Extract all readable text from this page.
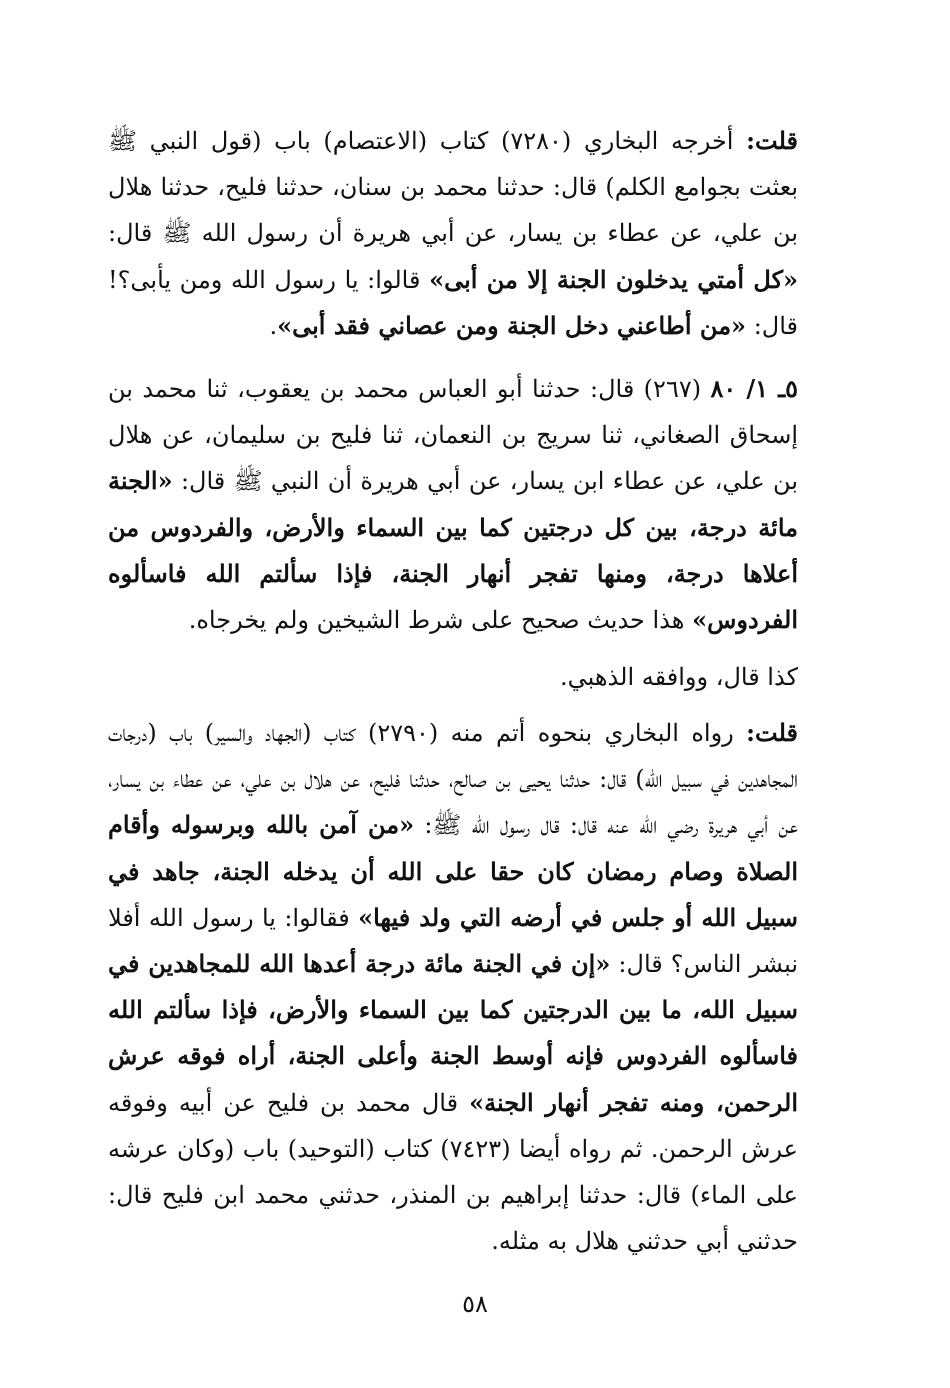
قلت: أخرجه البخاري (٧٢٨٠) كتاب (الاعتصام) باب (قول النبي ﷺ بعثت بجوامع الكلم) قال: حدثنا محمد بن سنان، حدثنا فليح، حدثنا هلال بن علي، عن عطاء بن يسار، عن أبي هريرة أن رسول الله ﷺ قال: «كل أمتي يدخلون الجنة إلا من أبى» قالوا: يا رسول الله ومن يأبى؟! قال: «من أطاعني دخل الجنة ومن عصاني فقد أبى».

٥ـ ١/ ٨٠ (٢٦٧) قال: حدثنا أبو العباس محمد بن يعقوب، ثنا محمد بن إسحاق الصغاني، ثنا سريج بن النعمان، ثنا فليح بن سليمان، عن هلال بن علي، عن عطاء ابن يسار، عن أبي هريرة أن النبي ﷺ قال: «الجنة مائة درجة، بين كل درجتين كما بين السماء والأرض، والفردوس من أعلاها درجة، ومنها تفجر أنهار الجنة، فإذا سألتم الله فاسألوه الفردوس» هذا حديث صحيح على شرط الشيخين ولم يخرجاه.

كذا قال، ووافقه الذهبي.

قلت: رواه البخاري بنحوه أتم منه (٢٧٩٠) كتاب (الجهاد والسير) باب (درجات المجاهدين في سبيل الله) قال: حدثنا يحيى بن صالح، حدثنا فليح، عن هلال بن علي، عن عطاء بن يسار، عن أبي هريرة رضي الله عنه قال: قال رسول الله ﷺ: «من آمن بالله وبرسوله وأقام الصلاة وصام رمضان كان حقا على الله أن يدخله الجنة، جاهد في سبيل الله أو جلس في أرضه التي ولد فيها» فقالوا: يا رسول الله أفلا نبشر الناس؟ قال: «إن في الجنة مائة درجة أعدها الله للمجاهدين في سبيل الله، ما بين الدرجتين كما بين السماء والأرض، فإذا سألتم الله فاسألوه الفردوس فإنه أوسط الجنة وأعلى الجنة، أراه فوقه عرش الرحمن، ومنه تفجر أنهار الجنة» قال محمد بن فليح عن أبيه وفوقه عرش الرحمن. ثم رواه أيضا (٧٤٢٣) كتاب (التوحيد) باب (وكان عرشه على الماء) قال: حدثنا إبراهيم بن المنذر، حدثني محمد ابن فليح قال: حدثني أبي حدثني هلال به مثله.

٥٨
